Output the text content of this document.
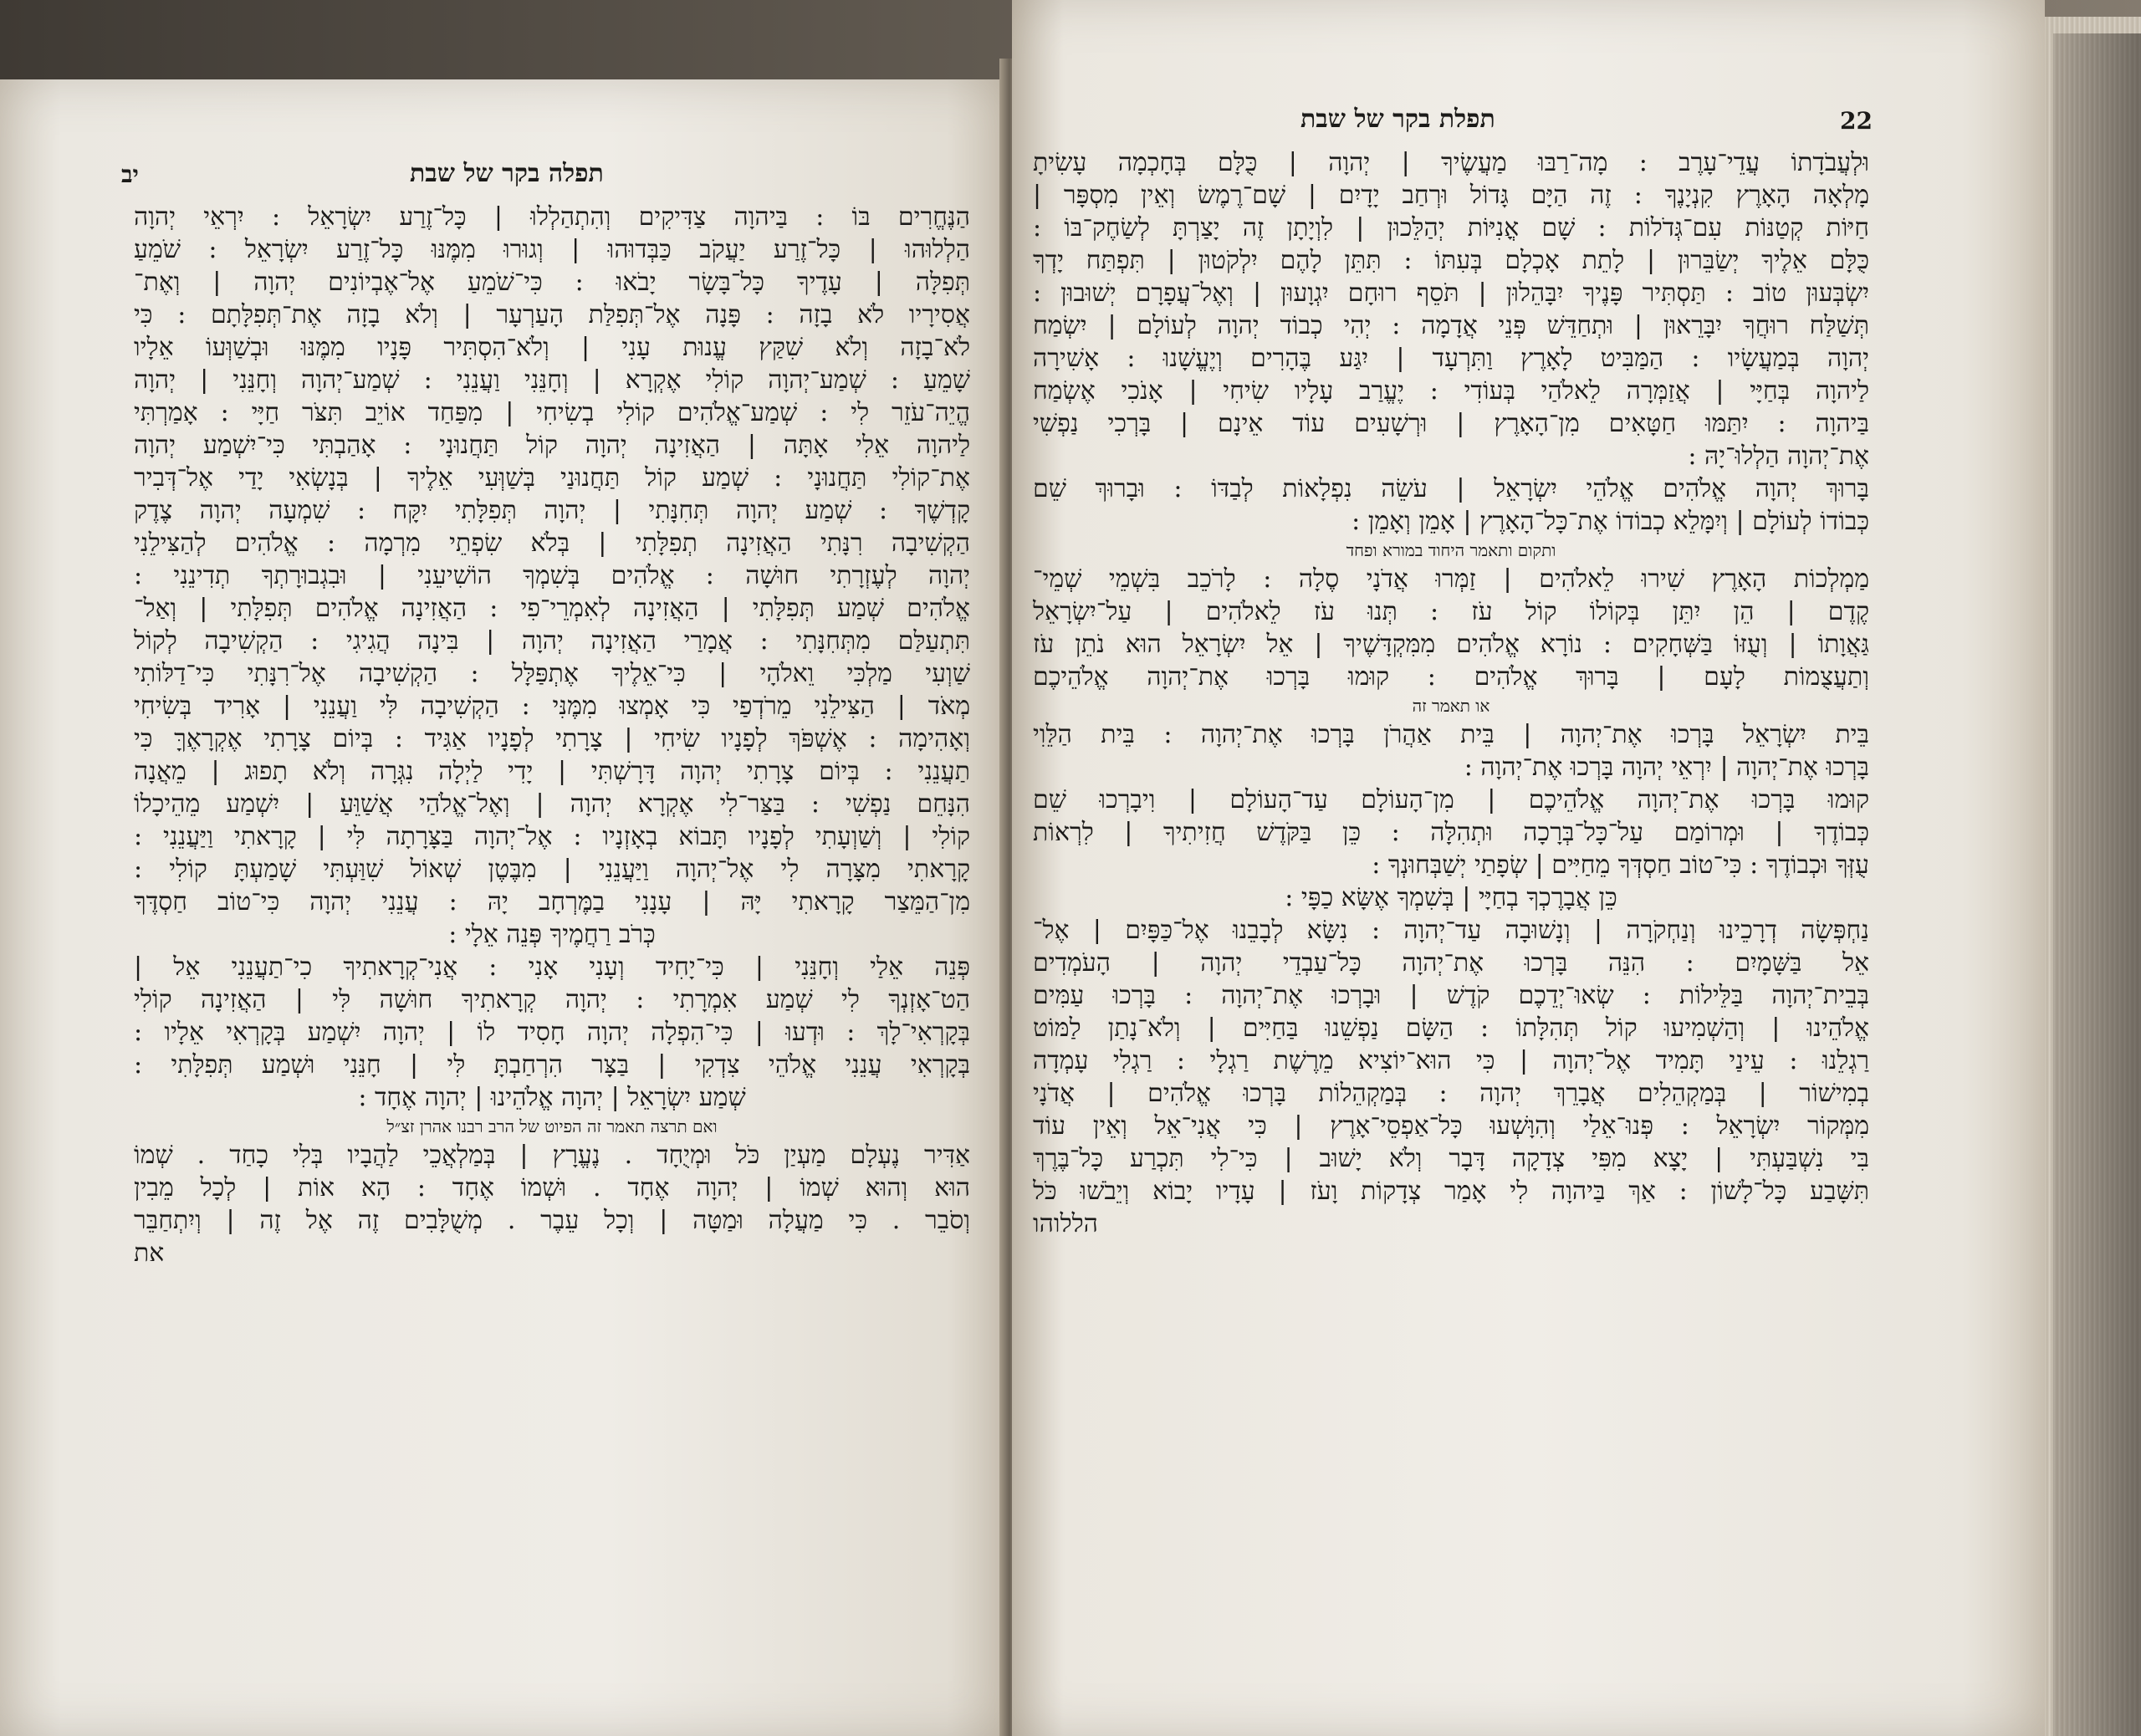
תפלה בקר של שבת
יב
הַנֶּחֱרִים בּוֹ : בַּיהוָה צַדִּיקִים וְהִתְהַלְלוּ | כָּל־זֶרַע יִשְׂרָאֵל : יִרְאֵי יְהוָה
הַלְלוּהוּ | כָּל־זֶרַע יַעֲקֹב כַּבְּדוּהוּ | וְגוּרוּ מִמֶּנּוּ כָּל־זֶרַע יִשְׂרָאֵל : שֹׁמֵעַ
תְּפִלָּה | עָדֶיךָ כָּל־בָּשָׂר יָבֹאוּ : כִּי־שֹׁמֵעַ אֶל־אֶבְיוֹנִים יְהוָה | וְאֶת־
אֲסִירָיו לֹא בָזָה : פָּנָה אֶל־תְּפִלַּת הָעַרְעָר | וְלֹא בָזָה אֶת־תְּפִלָּתָם : כִּי
לֹא־בָזָה וְלֹא שִׁקַּץ עֱנוּת עָנִי | וְלֹא־הִסְתִּיר פָּנָיו מִמֶּנּוּ וּבְשַׁוְּעוֹ אֵלָיו
שָׁמֵעַ : שְׁמַע־יְהוָה קוֹלִי אֶקְרָא | וְחָנֵּנִי וַעֲנֵנִי : שְׁמַע־יְהוָה וְחָנֵּנִי | יְהוָה
הֱיֵה־עֹזֵר לִי : שְׁמַע־אֱלֹהִים קוֹלִי בְשִׂיחִי | מִפַּחַד אוֹיֵב תִּצֹּר חַיָּי : אָמַרְתִּי
לַיהוָה אֵלִי אָתָּה | הַאֲזִינָה יְהוָה קוֹל תַּחֲנוּנָי : אָהַבְתִּי כִּי־יִשְׁמַע יְהוָה
אֶת־קוֹלִי תַּחֲנוּנָי : שְׁמַע קוֹל תַּחֲנוּנַי בְּשַׁוְּעִי אֵלֶיךָ | בְּנָשְׂאִי יָדַי אֶל־דְּבִיר
קָדְשֶׁךָ : שְׁמַע יְהוָה תְּחִנָּתִי | יְהוָה תְּפִלָּתִי יִקָּח : שִׁמְעָה יְהוָה צֶדֶק
הַקְשִׁיבָה רִנָּתִי הַאֲזִינָה תְפִלָּתִי | בְּלֹא שִׂפְתֵי מִרְמָה : אֱלֹהִים לְהַצִּילֵנִי
יְהוָה לְעֶזְרָתִי חוּשָׁה : אֱלֹהִים בְּשִׁמְךָ הוֹשִׁיעֵנִי | וּבִגְבוּרָתְךָ תְדִינֵנִי :
אֱלֹהִים שְׁמַע תְּפִלָּתִי | הַאֲזִינָה לְאִמְרֵי־פִי : הַאֲזִינָה אֱלֹהִים תְּפִלָּתִי | וְאַל־
תִּתְעַלַּם מִתְּחִנָּתִי : אֲמָרַי הַאֲזִינָה יְהוָה | בִּינָה הֲגִיגִי : הַקְשִׁיבָה לְקוֹל
שַׁוְעִי מַלְכִּי וֵאלֹהָי | כִּי־אֵלֶיךָ אֶתְפַּלָּל : הַקְשִׁיבָה אֶל־רִנָּתִי כִּי־דַלּוֹתִי
מְאֹד | הַצִּילֵנִי מֵרֹדְפַי כִּי אָמְצוּ מִמֶּנִּי : הַקְשִׁיבָה לִּי וַעֲנֵנִי | אָרִיד בְּשִׂיחִי
וְאָהִימָה : אֶשְׁפֹּךְ לְפָנָיו שִׂיחִי | צָרָתִי לְפָנָיו אַגִּיד : בְּיוֹם צָרָתִי אֶקְרָאֶךָּ כִּי
תַעֲנֵנִי : בְּיוֹם צָרָתִי יְהוָה דָּרָשְׁתִּי | יָדִי לַיְלָה נִגְּרָה וְלֹא תָפוּג | מֵאֲנָה
הִנָּחֵם נַפְשִׁי : בַּצַּר־לִי אֶקְרָא יְהוָה | וְאֶל־אֱלֹהַי אֲשַׁוֵּעַ | יִשְׁמַע מֵהֵיכָלוֹ
קוֹלִי | וְשַׁוְעָתִי לְפָנָיו תָּבוֹא בְאָזְנָיו : אֶל־יְהוָה בַּצָּרָתָה לִּי | קָרָאתִי וַיַּעֲנֵנִי :
קָרָאתִי מִצָּרָה לִי אֶל־יְהוָה וַיַּעֲנֵנִי | מִבֶּטֶן שְׁאוֹל שִׁוַּעְתִּי שָׁמַעְתָּ קוֹלִי :
מִן־הַמֵּצַר קָרָאתִי יָּהּ | עָנָנִי בַמֶּרְחָב יָהּ : עֲנֵנִי יְהוָה כִּי־טוֹב חַסְדֶּךָ
כְּרֹב רַחֲמֶיךָ פְּנֵה אֵלָי :
פְּנֵה אֵלַי וְחָנֵּנִי | כִּי־יָחִיד וְעָנִי אָנִי : אֲנִי־קְרָאתִיךָ כִי־תַעֲנֵנִי אֵל |
הַט־אָזְנְךָ לִי שְׁמַע אִמְרָתִי : יְהוָה קְרָאתִיךָ חוּשָׁה לִּי | הַאֲזִינָה קוֹלִי
בְּקָרְאִי־לָךְ : וּדְעוּ | כִּי־הִפְלָה יְהוָה חָסִיד לוֹ | יְהוָה יִשְׁמַע בְּקָרְאִי אֵלָיו :
בְּקָרְאִי עֲנֵנִי אֱלֹהֵי צִדְקִי | בַּצָּר הִרְחַבְתָּ לִּי | חָנֵּנִי וּשְׁמַע תְּפִלָּתִי :
שְׁמַע יִשְׂרָאֵל | יְהוָה אֱלֹהֵינוּ | יְהוָה אֶחָד :
ואם תרצה תאמר זה הפיוט של הרב רבנו אהרן זצ״ל
אַדִּיר נֶעְלָם מַעְיַן כֹּל וּמְיֻחָד . נֶעֱרָץ | בְּמַלְאֲכֵי לַהֲבָיו בְּלִי כָחַד . שְׁמוֹ
הוּא וְהוּא שְׁמוֹ | יְהוָה אֶחָד . וּשְׁמוֹ אֶחָד : הָא אוֹת | לְכָל מֵבִין
וְסֹבֵר . כִּי מַעֲלָה וּמַטָּה | וְכָל עֵבֶר . מְשֻׁלָּבִים זֶה אֶל זֶה | וְיִתְחַבֵּר
את
תפלת בקר של שבת	22
וּלְעֲבֹדָתוֹ עֲדֵי־עָרֶב : מָה־רַבּוּ מַעֲשֶׂיךָ | יְהוָה | כֻּלָּם בְּחָכְמָה עָשִׂיתָ
מָלְאָה הָאָרֶץ קִנְיָנֶךָ : זֶה הַיָּם גָּדוֹל וּרְחַב יָדָיִם | שָׁם־רֶמֶשׂ וְאֵין מִסְפָּר |
חַיּוֹת קְטַנּוֹת עִם־גְּדֹלוֹת : שָׁם אֳנִיּוֹת יְהַלֵּכוּן | לִוְיָתָן זֶה יָצַרְתָּ לְשַׂחֶק־בּוֹ :
כֻּלָּם אֵלֶיךָ יְשַׂבֵּרוּן | לָתֵת אָכְלָם בְּעִתּוֹ : תִּתֵּן לָהֶם יִלְקֹטוּן | תִּפְתַּח יָדְךָ
יִשְׂבְּעוּן טוֹב : תַּסְתִּיר פָּנֶיךָ יִבָּהֵלוּן | תֹּסֵף רוּחָם יִגְוָעוּן | וְאֶל־עֲפָרָם יְשׁוּבוּן :
תְּשַׁלַּח רוּחֲךָ יִבָּרֵאוּן | וּתְחַדֵּשׁ פְּנֵי אֲדָמָה : יְהִי כְבוֹד יְהוָה לְעוֹלָם | יִשְׂמַח
יְהוָה בְּמַעֲשָׂיו : הַמַּבִּיט לָאָרֶץ וַתִּרְעָד | יִגַּע בֶּהָרִים וְיֶעֱשָׁנוּ : אָשִׁירָה
לַיהוָה בְּחַיָּי | אֲזַמְּרָה לֵאלֹהַי בְּעוֹדִי : יֶעֱרַב עָלָיו שִׂיחִי | אָנֹכִי אֶשְׂמַח
בַּיהוָה : יִתַּמּוּ חַטָּאִים מִן־הָאָרֶץ | וּרְשָׁעִים עוֹד אֵינָם | בָּרְכִי נַפְשִׁי
אֶת־יְהוָה הַלְלוּ־יָהּ :
בָּרוּךְ יְהוָה אֱלֹהִים אֱלֹהֵי יִשְׂרָאֵל | עֹשֵׂה נִפְלָאוֹת לְבַדּוֹ : וּבָרוּךְ שֵׁם
כְּבוֹדוֹ לְעוֹלָם | וְיִמָּלֵא כְבוֹדוֹ אֶת־כָּל־הָאָרֶץ | אָמֵן וְאָמֵן :
ותקום ותאמר היחוד במורא ופחד
מַמְלְכוֹת הָאָרֶץ שִׁירוּ לֵאלֹהִים | זַמְּרוּ אֲדֹנָי סֶלָה : לָרֹכֵב בִּשְׁמֵי שְׁמֵי־
קֶדֶם | הֵן יִתֵּן בְּקוֹלוֹ קוֹל עֹז : תְּנוּ עֹז לֵאלֹהִים | עַל־יִשְׂרָאֵל
גַּאֲוָתוֹ | וְעֻזּוֹ בַּשְּׁחָקִים : נוֹרָא אֱלֹהִים מִמִּקְדָּשֶׁיךָ | אֵל יִשְׂרָאֵל הוּא נֹתֵן עֹז
וְתַעֲצֻמוֹת לָעָם | בָּרוּךְ אֱלֹהִים : קוּמוּ בָּרְכוּ אֶת־יְהוָה אֱלֹהֵיכֶם
או תאמר זה
בֵּית יִשְׂרָאֵל בָּרְכוּ אֶת־יְהוָה | בֵּית אַהֲרֹן בָּרְכוּ אֶת־יְהוָה : בֵּית הַלֵּוִי
בָּרְכוּ אֶת־יְהוָה | יִרְאֵי יְהוָה בָּרְכוּ אֶת־יְהוָה :
קוּמוּ בָּרְכוּ אֶת־יְהוָה אֱלֹהֵיכֶם | מִן־הָעוֹלָם עַד־הָעוֹלָם | וִיבָרְכוּ שֵׁם
כְּבוֹדֶךָ | וּמְרוֹמַם עַל־כָּל־בְּרָכָה וּתְהִלָּה : כֵּן בַּקֹּדֶשׁ חֲזִיתִיךָ | לִרְאוֹת
עֻזְּךָ וּכְבוֹדֶךָ : כִּי־טוֹב חַסְדְּךָ מֵחַיִּים | שְׂפָתַי יְשַׁבְּחוּנְךָ :
כֵּן אֲבָרֶכְךָ בְחַיָּי | בְּשִׁמְךָ אֶשָּׂא כַפָּי :
נַחְפְּשָׂה דְרָכֵינוּ וְנַחְקֹרָה | וְנָשׁוּבָה עַד־יְהוָה : נִשָּׂא לְבָבֵנוּ אֶל־כַּפָּיִם | אֶל־
אֵל בַּשָּׁמָיִם : הִנֵּה בָּרְכוּ אֶת־יְהוָה כָּל־עַבְדֵי יְהוָה | הָעֹמְדִים
בְּבֵית־יְהוָה בַּלֵּילוֹת : שְׂאוּ־יְדֵכֶם קֹדֶשׁ | וּבָרְכוּ אֶת־יְהוָה : בָּרְכוּ עַמִּים
אֱלֹהֵינוּ | וְהַשְׁמִיעוּ קוֹל תְּהִלָּתוֹ : הַשָּׂם נַפְשֵׁנוּ בַּחַיִּים | וְלֹא־נָתַן לַמּוֹט
רַגְלֵנוּ : עֵינַי תָּמִיד אֶל־יְהוָה | כִּי הוּא־יוֹצִיא מֵרֶשֶׁת רַגְלָי : רַגְלִי עָמְדָה
בְמִישׁוֹר | בְּמַקְהֵלִים אֲבָרֵךְ יְהוָה : בְּמַקְהֵלוֹת בָּרְכוּ אֱלֹהִים | אֲדֹנָי
מִמְּקוֹר יִשְׂרָאֵל : פְּנוּ־אֵלַי וְהִוָּשְׁעוּ כָּל־אַפְסֵי־אָרֶץ | כִּי אֲנִי־אֵל וְאֵין עוֹד
בִּי נִשְׁבַּעְתִּי | יָצָא מִפִּי צְדָקָה דָּבָר וְלֹא יָשׁוּב | כִּי־לִי תִּכְרַע כָּל־בֶּרֶךְ
תִּשָּׁבַע כָּל־לָשׁוֹן : אַךְ בַּיהוָה לִי אָמַר צְדָקוֹת וָעֹז | עָדָיו יָבוֹא וְיֵבֹשׁוּ כֹּל
הללוהו
